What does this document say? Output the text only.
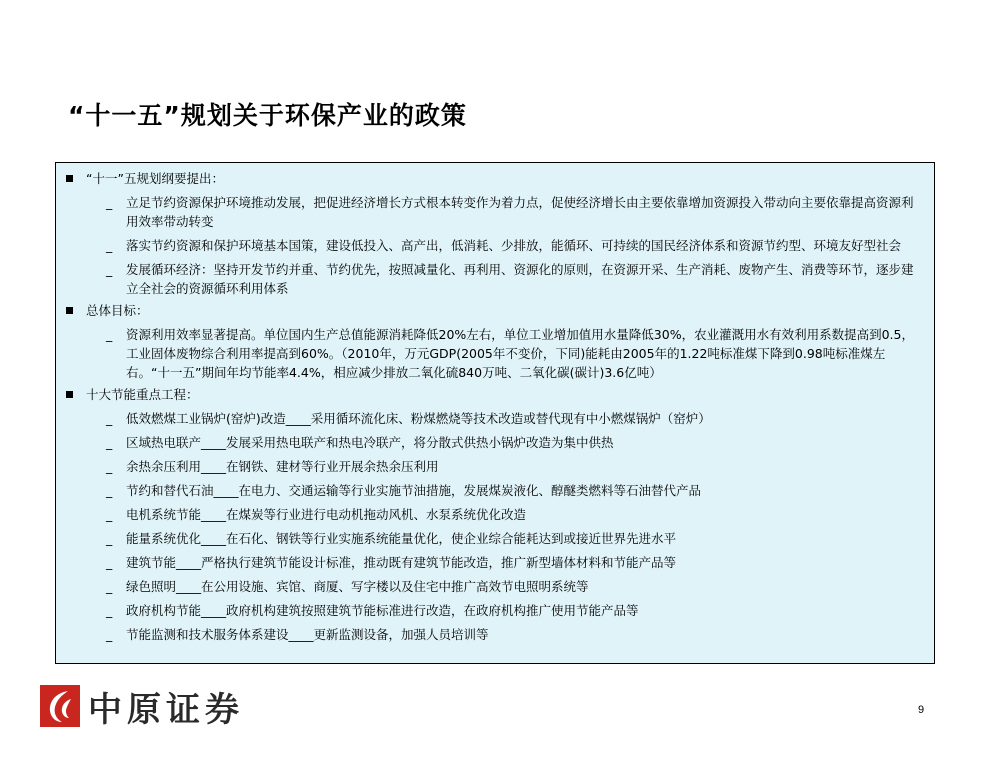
“十一五”规划关于环保产业的政策
“十一”五规划纲要提出：
_ 立足节约资源保护环境推动发展，把促进经济增长方式根本转变作为着力点，促使经济增长由主要依靠增加资源投入带动向主要依靠提高资源利用效率带动转变
_ 落实节约资源和保护环境基本国策，建设低投入、高产出，低消耗、少排放，能循环、可持续的国民经济体系和资源节约型、环境友好型社会
_ 发展循环经济：坚持开发节约并重、节约优先，按照减量化、再利用、资源化的原则，在资源开采、生产消耗、废物产生、消费等环节，逐步建立全社会的资源循环利用体系
总体目标：
_ 资源利用效率显著提高。单位国内生产总值能源消耗降低20%左右，单位工业增加值用水量降低30%，农业灌溉用水有效利用系数提高到0.5，工业固体废物综合利用率提高到60%。（2010年，万元GDP(2005年不变价，下同)能耗由2005年的1.22吨标准煤下降到0.98吨标准煤左右。“十一五”期间年均节能率4.4%，相应减少排放二氧化硫840万吨、二氧化碳(碳计)3.6亿吨）
十大节能重点工程：
_ 低效燃煤工业锅炉(窑炉)改造____采用循环流化床、粉煤燃烧等技术改造或替代现有中小燃煤锅炉（窑炉）
_ 区域热电联产____发展采用热电联产和热电冷联产，将分散式供热小锅炉改造为集中供热
_ 余热余压利用____在钢铁、建材等行业开展余热余压利用
_ 节约和替代石油____在电力、交通运输等行业实施节油措施，发展煤炭液化、醇醚类燃料等石油替代产品
_ 电机系统节能____在煤炭等行业进行电动机拖动风机、水泵系统优化改造
_ 能量系统优化____在石化、钢铁等行业实施系统能量优化，使企业综合能耗达到或接近世界先进水平
_ 建筑节能____严格执行建筑节能设计标准，推动既有建筑节能改造，推广新型墙体材料和节能产品等
_ 绿色照明____在公用设施、宾馆、商厦、写字楼以及住宅中推广高效节电照明系统等
_ 政府机构节能____政府机构建筑按照建筑节能标准进行改造，在政府机构推广使用节能产品等
_ 节能监测和技术服务体系建设____更新监测设备，加强人员培训等
中原证券	9
